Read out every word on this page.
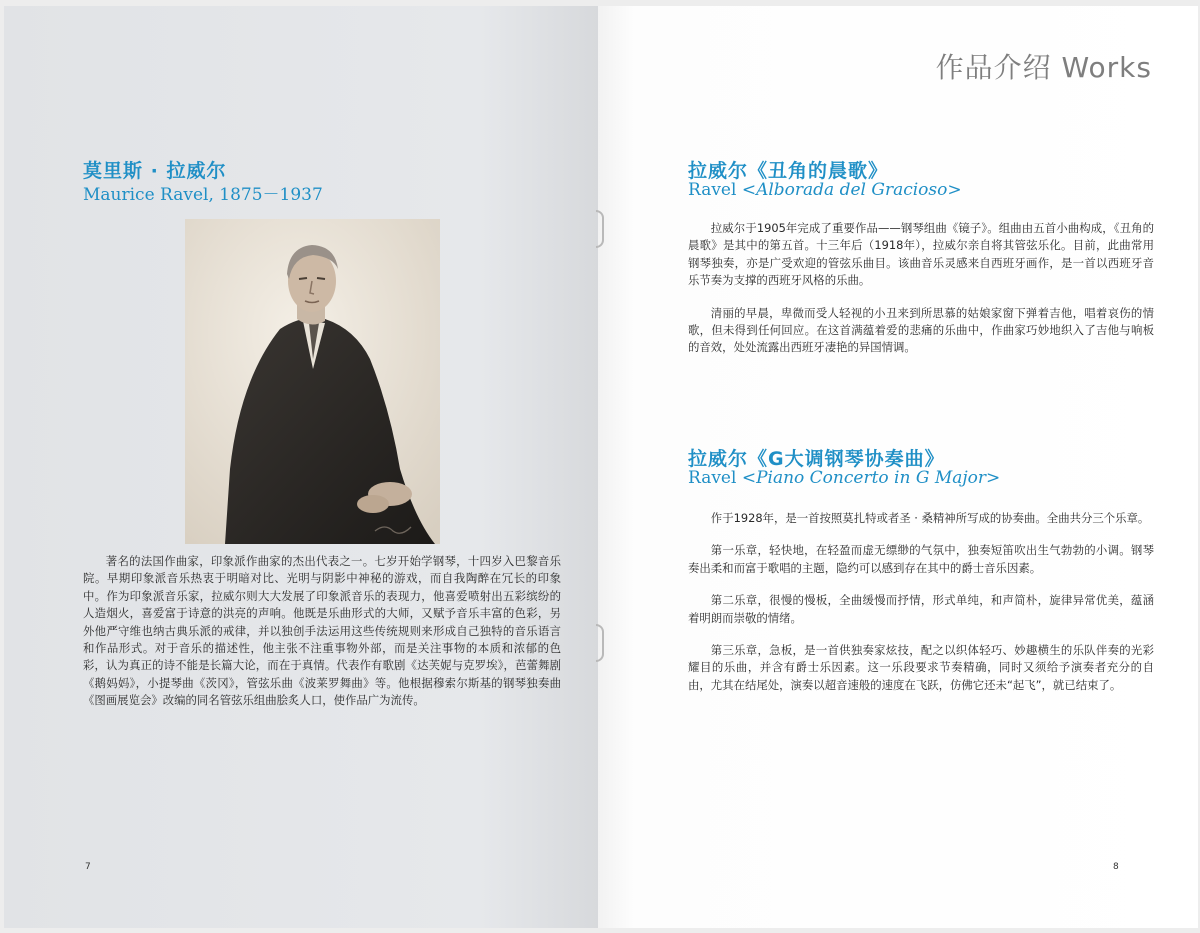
莫里斯 · 拉威尔
Maurice Ravel, 1875－1937

著名的法国作曲家，印象派作曲家的杰出代表之一。七岁开始学钢琴，十四岁入巴黎音乐院。早期印象派音乐热衷于明暗对比、光明与阴影中神秘的游戏，而自我陶醉在冗长的印象中。作为印象派音乐家，拉威尔则大大发展了印象派音乐的表现力，他喜爱喷射出五彩缤纷的人造烟火，喜爱富于诗意的洪亮的声响。他既是乐曲形式的大师，又赋予音乐丰富的色彩，另外他严守维也纳古典乐派的戒律，并以独创手法运用这些传统规则来形成自己独特的音乐语言和作品形式。对于音乐的描述性，他主张不注重事物外部，而是关注事物的本质和浓郁的色彩，认为真正的诗不能是长篇大论，而在于真情。代表作有歌剧《达芙妮与克罗埃》，芭蕾舞剧《鹅妈妈》，小提琴曲《茨冈》，管弦乐曲《波莱罗舞曲》等。他根据穆索尔斯基的钢琴独奏曲《图画展览会》改编的同名管弦乐组曲脍炙人口，使作品广为流传。

7
作品介绍 Works
拉威尔《丑角的晨歌》
Ravel <Alborada del Gracioso>

拉威尔于1905年完成了重要作品——钢琴组曲《镜子》。组曲由五首小曲构成，《丑角的晨歌》是其中的第五首。十三年后（1918年），拉威尔亲自将其管弦乐化。目前，此曲常用钢琴独奏，亦是广受欢迎的管弦乐曲目。该曲音乐灵感来自西班牙画作，是一首以西班牙音乐节奏为支撑的西班牙风格的乐曲。

清丽的早晨，卑微而受人轻视的小丑来到所思慕的姑娘家窗下弹着吉他，唱着哀伤的情歌，但未得到任何回应。在这首满蕴着爱的悲痛的乐曲中，作曲家巧妙地织入了吉他与响板的音效，处处流露出西班牙凄艳的异国情调。

拉威尔《G大调钢琴协奏曲》
Ravel <Piano Concerto in G Major>

作于1928年，是一首按照莫扎特或者圣 · 桑精神所写成的协奏曲。全曲共分三个乐章。

第一乐章，轻快地，在轻盈而虚无缥缈的气氛中，独奏短笛吹出生气勃勃的小调。钢琴奏出柔和而富于歌唱的主题，隐约可以感到存在其中的爵士音乐因素。

第二乐章，很慢的慢板，全曲缓慢而抒情，形式单纯，和声简朴，旋律异常优美，蕴涵着明朗而崇敬的情绪。

第三乐章，急板，是一首供独奏家炫技，配之以织体轻巧、妙趣横生的乐队伴奏的光彩耀目的乐曲，并含有爵士乐因素。这一乐段要求节奏精确，同时又须给予演奏者充分的自由，尤其在结尾处，演奏以超音速般的速度在飞跃，仿佛它还未“起飞”，就已结束了。

8
